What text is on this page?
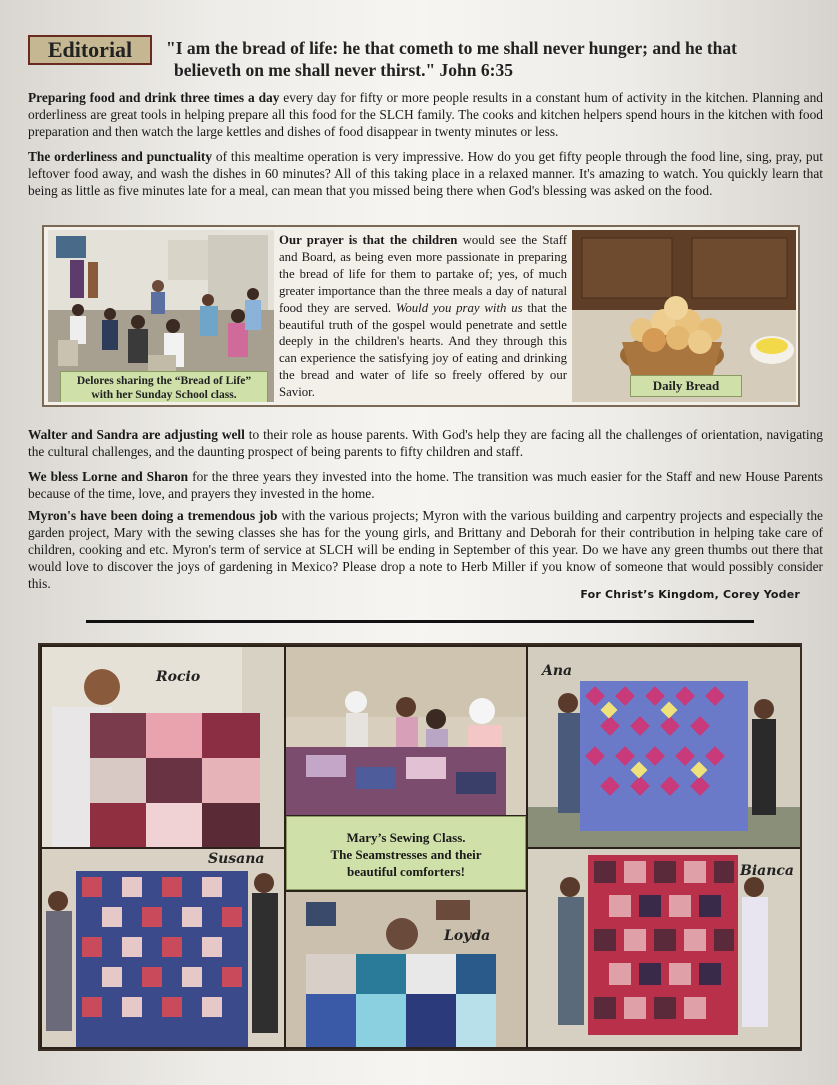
Editorial	"I am the bread of life: he that cometh to me shall never hunger; and he that
believeth on me shall never thirst." John 6:35

Preparing food and drink three times a day every day for fifty or more people results in a constant hum of activity in the kitchen. Planning and orderliness are great tools in helping prepare all this food for the SLCH family. The cooks and kitchen helpers spend hours in the kitchen with food preparation and then watch the large kettles and dishes of food disappear in twenty minutes or less.

The orderliness and punctuality of this mealtime operation is very impressive. How do you get fifty people through the food line, sing, pray, put leftover food away, and wash the dishes in 60 minutes? All of this taking place in a relaxed manner. It's amazing to watch. You quickly learn that being as little as five minutes late for a meal, can mean that you missed being there when God's blessing was asked on the food.

Delores sharing the “Bread of Life”
with her Sunday School class.
Our prayer is that the children would see the Staff and Board, as being even more passionate in preparing the bread of life for them to partake of; yes, of much greater importance than the three meals a day of natural food they are served. Would you pray with us that the beautiful truth of the gospel would penetrate and settle deeply in the children's hearts. And they through this can experience the satisfying joy of eating and drinking the bread and water of life so freely offered by our Savior.	Daily Bread

Walter and Sandra are adjusting well to their role as house parents. With God's help they are facing all the challenges of orientation, navigating the cultural challenges, and the daunting prospect of being parents to fifty children and staff.

We bless Lorne and Sharon for the three years they invested into the home. The transition was much easier for the Staff and new House Parents because of the time, love, and prayers they invested in the home.

Myron's have been doing a tremendous job with the various projects; Myron with the various building and carpentry projects and especially the garden project, Mary with the sewing classes she has for the young girls, and Brittany and Deborah for their contribution in helping take care of children, cooking and etc. Myron's term of service at SLCH will be ending in September of this year. Do we have any green thumbs out there that would love to discover the joys of gardening in Mexico? Please drop a note to Herb Miller if you know of someone that would possibly consider this.

For Christ’s Kingdom, Corey Yoder
Rocio	Ana
Mary’s Sewing Class.
The Seamstresses and their
beautiful comforters!
Susana
Loyda
Bianca
